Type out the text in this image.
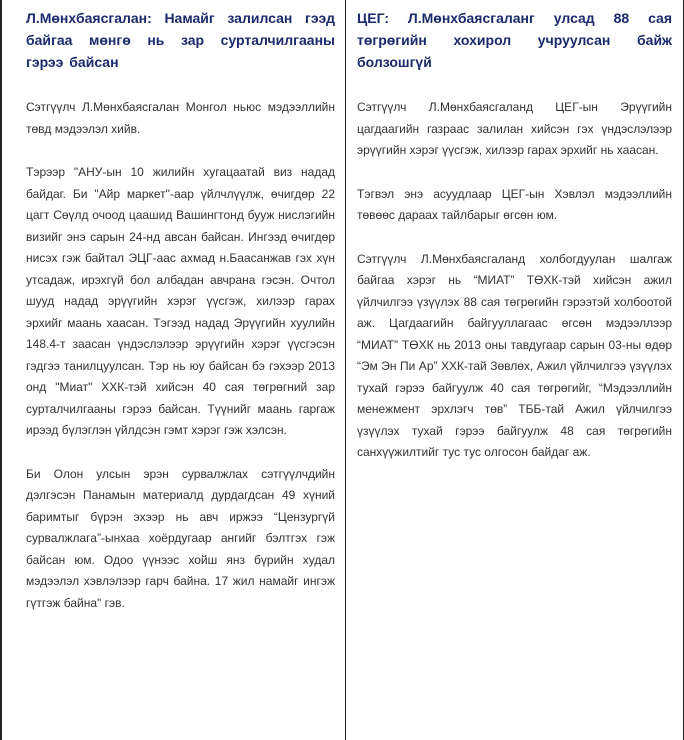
Л.Мөнхбаясгалан: Намайг залилсан гээд байгаа мөнгө нь зар сурталчилгааны гэрээ байсан

Сэтгүүлч Л.Мөнхбаясгалан Монгол ньюс мэдээллийн төвд мэдээлэл хийв.

Тэрээр "АНУ-ын 10 жилийн хугацаатай виз надад байдаг. Би "Айр маркет"-аар үйлчлүүлж, өчигдөр 22 цагт Сөүлд очоод цаашид Вашингтонд бууж нислэгийн визийг энэ сарын 24-нд авсан байсан. Ингээд өчигдөр нисэх гэж байтал ЭЦГ-аас ахмад н.Баасанжав гэх хүн утсадаж, ирэхгүй бол албадан авчрана гэсэн. Очтол шууд надад эрүүгийн хэрэг үүсгэж, хилээр гарах эрхийг маань хаасан. Тэгээд надад Эрүүгийн хуулийн 148.4-т заасан үндэслэлээр эрүүгийн хэрэг үүсгэсэн гэдгээ танилцуулсан. Тэр нь юу байсан бэ гэхээр 2013 онд "Миат" ХХК-тэй хийсэн 40 сая төгрөгний зар сурталчилгааны гэрээ байсан. Түүнийг маань гаргаж ирээд бүлэглэн үйлдсэн гэмт хэрэг гэж хэлсэн.

Би Олон улсын эрэн сурвалжлах сэтгүүлчдийн дэлгэсэн Панамын материалд дурдагдсан 49 хүний баримтыг бүрэн эхээр нь авч иржээ “Цензургүй сурвалжлага”-ынхаа хоёрдугаар ангийг бэлтгэх гэж байсан юм. Одоо үүнээс хойш янз бүрийн худал мэдээлэл хэвлэлээр гарч байна. 17 жил намайг ингэж гүтгэж байна" гэв.

ЦЕГ: Л.Мөнхбаясгаланг улсад 88 сая төгрөгийн хохирол учруулсан байж болзошгүй

Сэтгүүлч Л.Мөнхбаясгаланд ЦЕГ-ын Эрүүгийн цагдаагийн газраас залилан хийсэн гэх үндэслэлээр эрүүгийн хэрэг үүсгэж, хилээр гарах эрхийг нь хаасан.

Тэгвэл энэ асуудлаар ЦЕГ-ын Хэвлэл мэдээллийн төвөөс дараах тайлбарыг өгсөн юм.

Сэтгүүлч Л.Мөнхбаясгаланд холбогдуулан шалгаж байгаа хэрэг нь “МИАТ” ТӨХК-тэй хийсэн ажил үйлчилгээ үзүүлэх 88 сая төгрөгийн гэрээтэй холбоотой аж. Цагдаагийн байгууллагаас өгсөн мэдээллээр “МИАТ” ТӨХК нь 2013 оны тавдугаар сарын 03-ны өдөр “Эм Эн Пи Ар” ХХК-тай Зөвлөх, Ажил үйлчилгээ үзүүлэх тухай гэрээ байгуулж 40 сая төгрөгийг, “Мэдээллийн менежмент эрхлэгч төв” ТББ-тай Ажил үйлчилгээ үзүүлэх тухай гэрээ байгуулж 48 сая төгрөгийн санхүүжилтийг тус тус олгосон байдаг аж.
